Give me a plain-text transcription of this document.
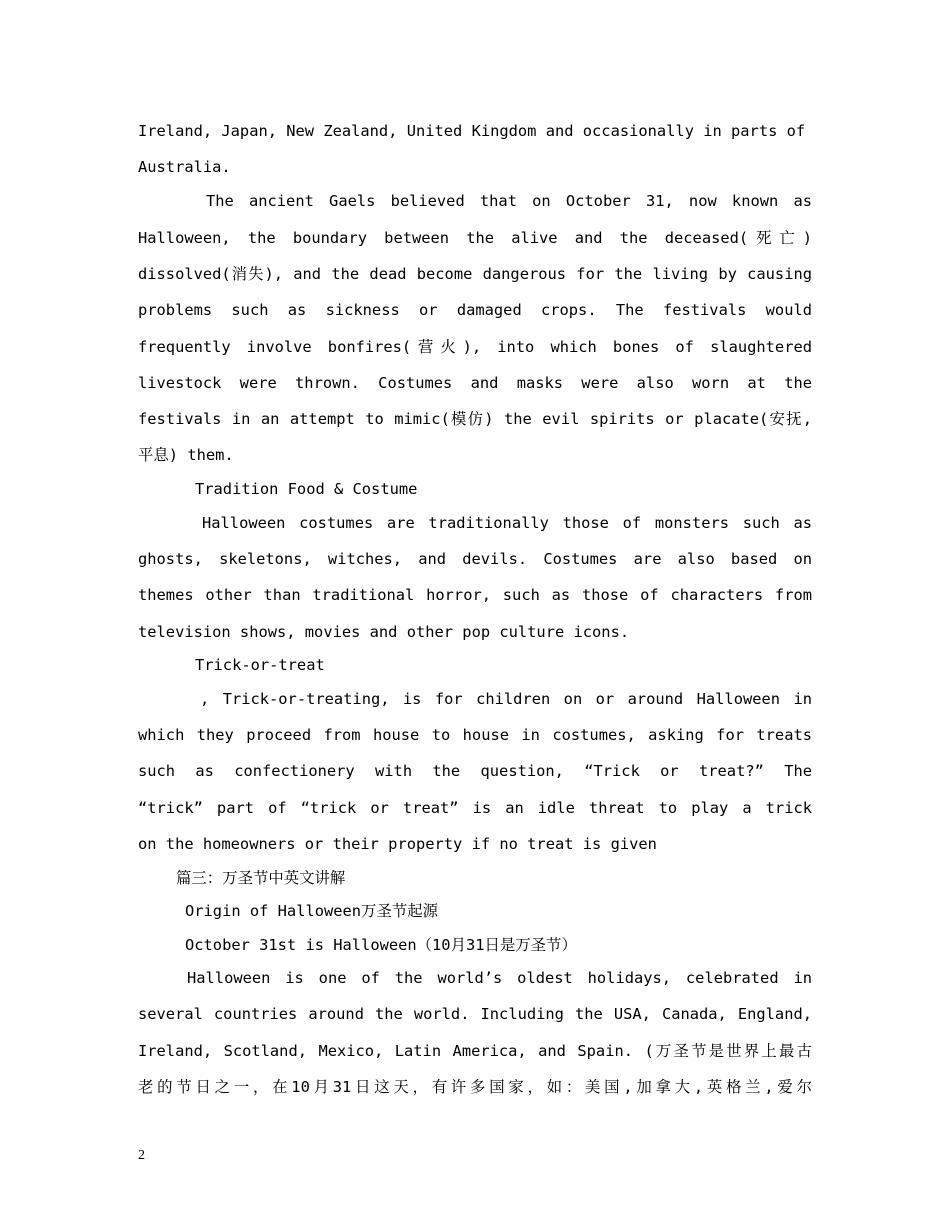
Ireland, Japan, New Zealand, United Kingdom and occasionally in parts of
Australia.
The ancient Gaels believed that on October 31, now known as
Halloween, the boundary between the alive and the deceased(死亡)
dissolved(消失), and the dead become dangerous for the living by causing
problems such as sickness or damaged crops. The festivals would
frequently involve bonfires(营火), into which bones of slaughtered
livestock were thrown. Costumes and masks were also worn at the
festivals in an attempt to mimic(模仿) the evil spirits or placate(安抚,
平息) them.
Tradition Food & Costume
Halloween costumes are traditionally those of monsters such as
ghosts, skeletons, witches, and devils. Costumes are also based on
themes other than traditional horror, such as those of characters from
television shows, movies and other pop culture icons.
Trick-or-treat
, Trick-or-treating, is for children on or around Halloween in
which they proceed from house to house in costumes, asking for treats
such as confectionery with the question, “Trick or treat?” The
“trick” part of “trick or treat” is an idle threat to play a trick
on the homeowners or their property if no treat is given
篇三：万圣节中英文讲解
Origin of Halloween万圣节起源
October 31st is Halloween（10月31日是万圣节）
Halloween is one of the world’s oldest holidays, celebrated in
several countries around the world. Including the USA, Canada, England,
Ireland, Scotland, Mexico, Latin America, and Spain. (万圣节是世界上最古
老的节日之一，在10月31日这天，有许多国家，如：美国,加拿大,英格兰,爱尔
2
